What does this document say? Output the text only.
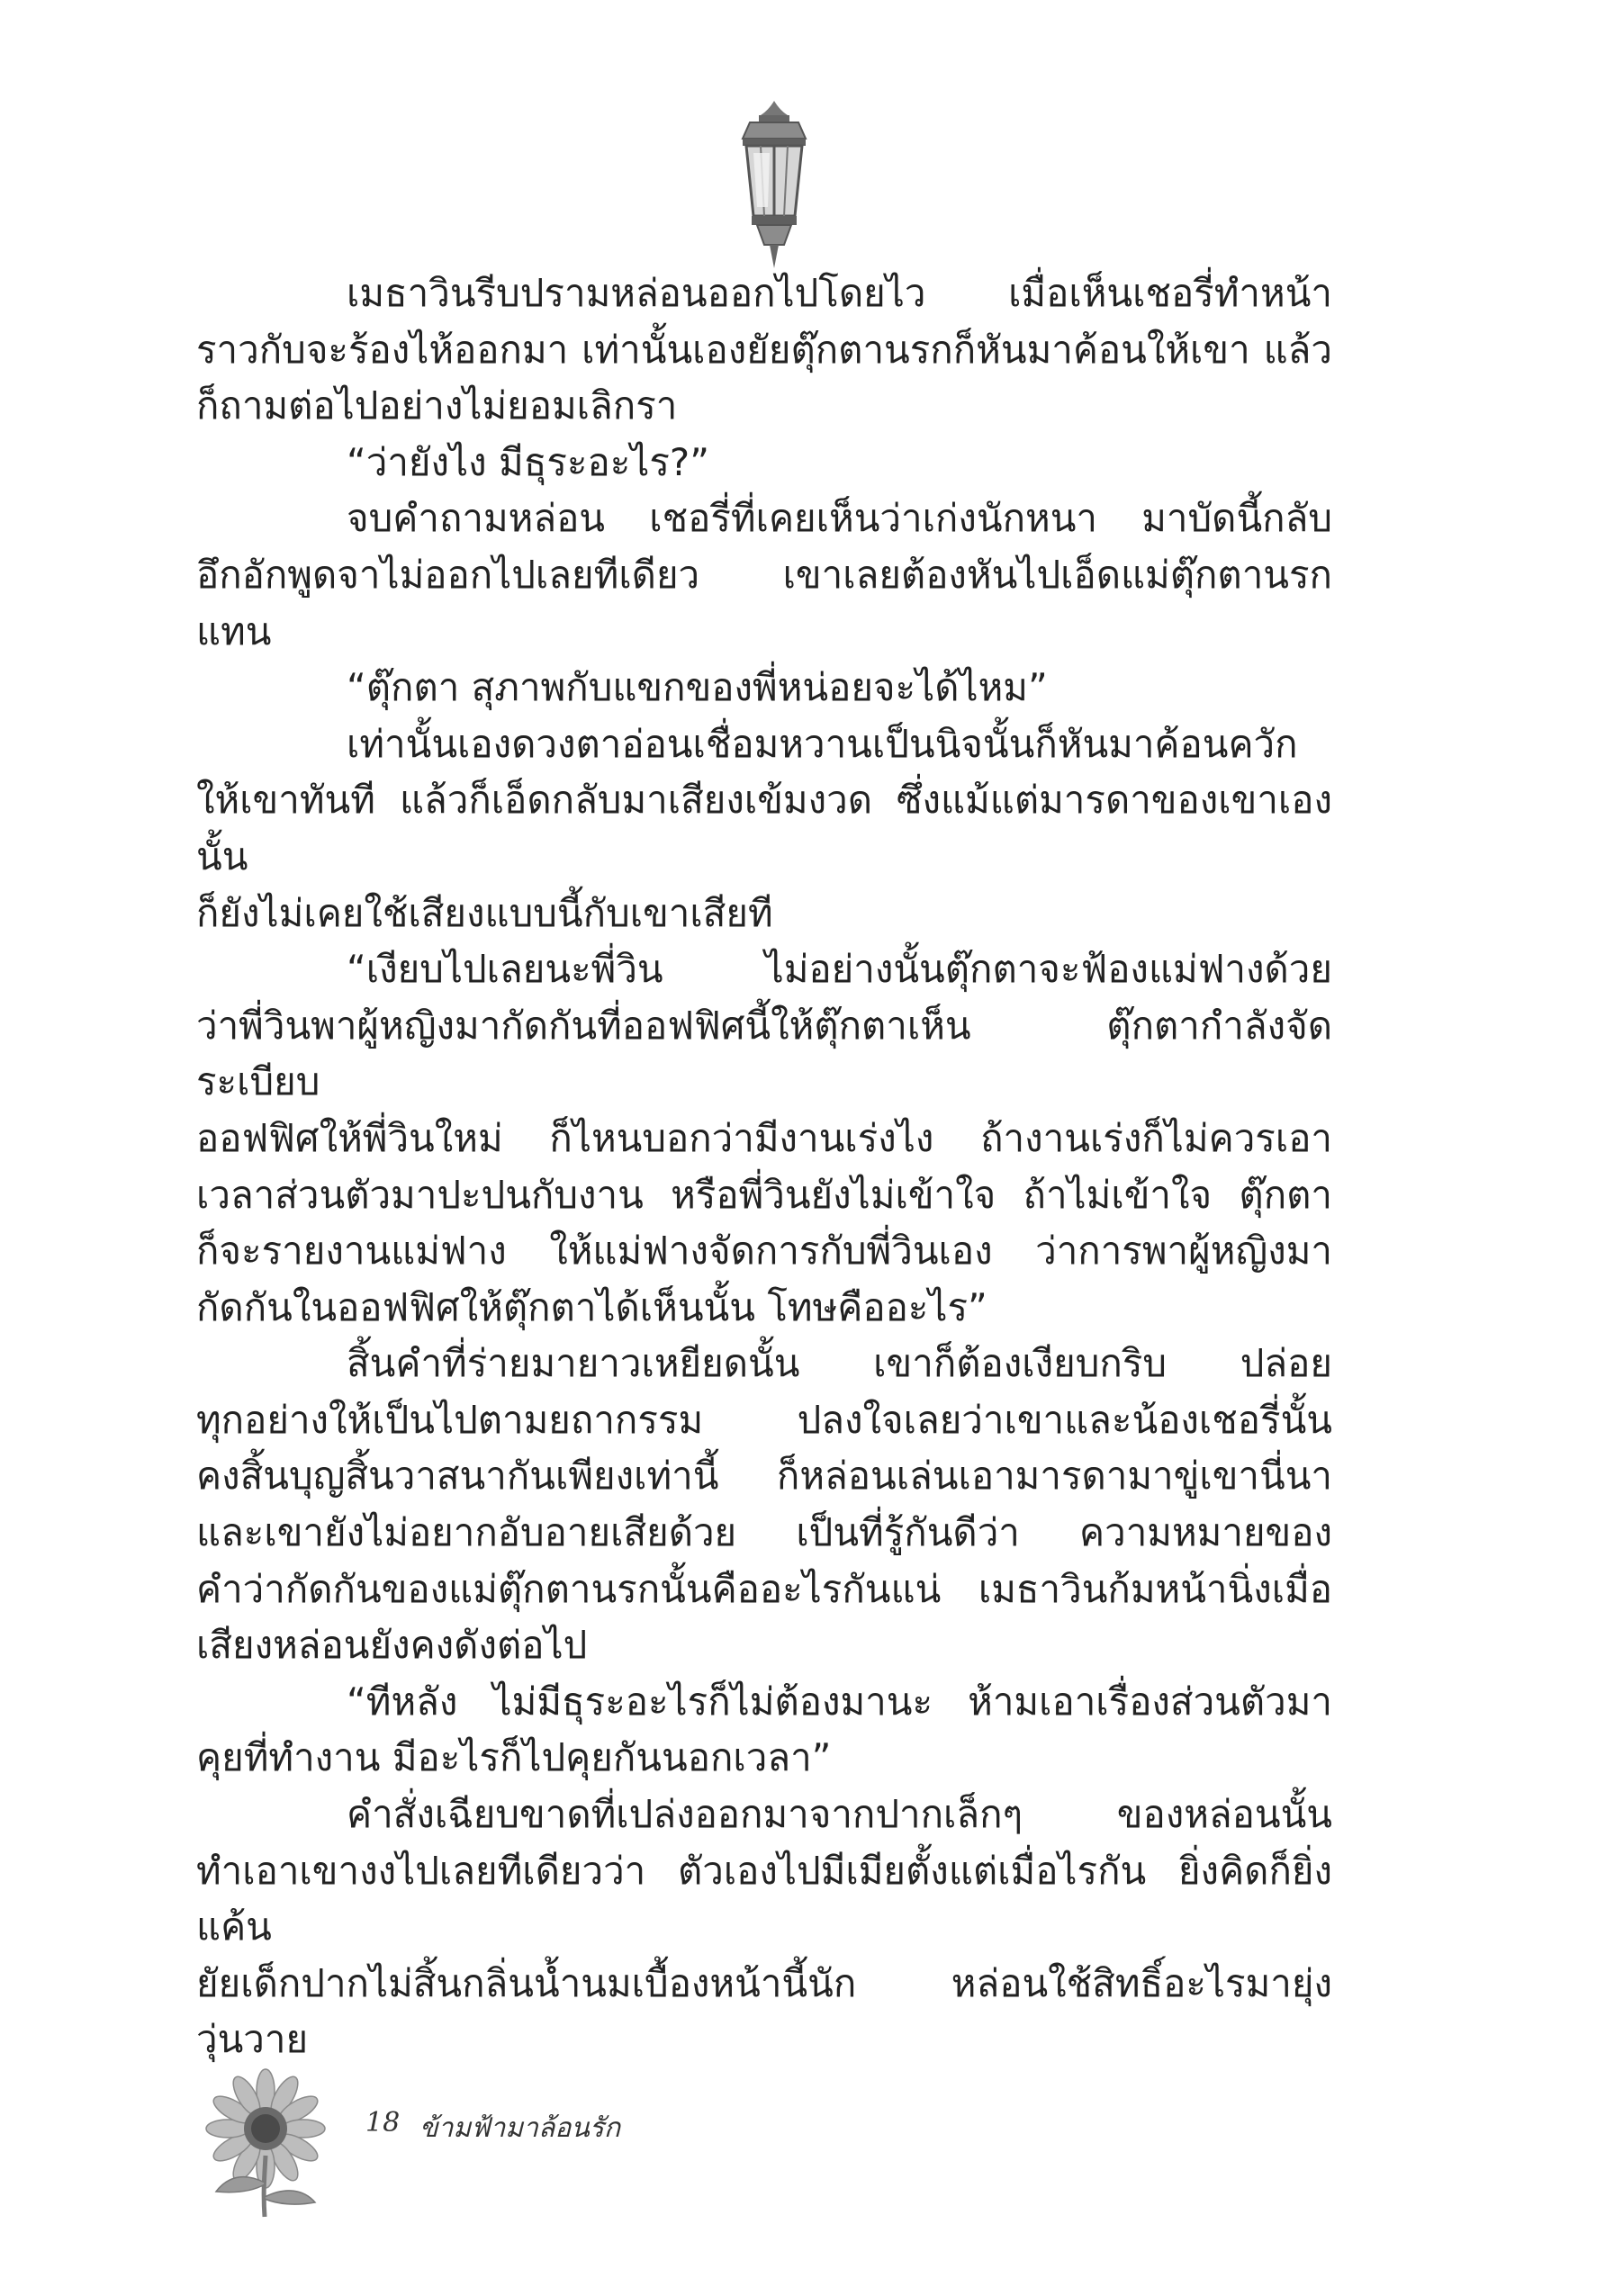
เมธาวินรีบปรามหล่อนออกไปโดยไว เมื่อเห็นเชอรี่ทำหน้า
ราวกับจะร้องไห้ออกมา เท่านั้นเองยัยตุ๊กตานรกก็หันมาค้อนให้เขา แล้ว
ก็ถามต่อไปอย่างไม่ยอมเลิกรา

“ว่ายังไง มีธุระอะไร?”

จบคำถามหล่อน เชอรี่ที่เคยเห็นว่าเก่งนักหนา มาบัดนี้กลับ
อึกอักพูดจาไม่ออกไปเลยทีเดียว เขาเลยต้องหันไปเอ็ดแม่ตุ๊กตานรก
แทน

“ตุ๊กตา สุภาพกับแขกของพี่หน่อยจะได้ไหม”

เท่านั้นเองดวงตาอ่อนเชื่อมหวานเป็นนิจนั้นก็หันมาค้อนควัก
ให้เขาทันที แล้วก็เอ็ดกลับมาเสียงเข้มงวด ซึ่งแม้แต่มารดาของเขาเองนั้น
ก็ยังไม่เคยใช้เสียงแบบนี้กับเขาเสียที

“เงียบไปเลยนะพี่วิน ไม่อย่างนั้นตุ๊กตาจะฟ้องแม่ฟางด้วย
ว่าพี่วินพาผู้หญิงมากัดกันที่ออฟฟิศนี้ให้ตุ๊กตาเห็น ตุ๊กตากำลังจัดระเบียบ
ออฟฟิศให้พี่วินใหม่ ก็ไหนบอกว่ามีงานเร่งไง ถ้างานเร่งก็ไม่ควรเอา
เวลาส่วนตัวมาปะปนกับงาน หรือพี่วินยังไม่เข้าใจ ถ้าไม่เข้าใจ ตุ๊กตา
ก็จะรายงานแม่ฟาง ให้แม่ฟางจัดการกับพี่วินเอง ว่าการพาผู้หญิงมา
กัดกันในออฟฟิศให้ตุ๊กตาได้เห็นนั้น โทษคืออะไร”

สิ้นคำที่ร่ายมายาวเหยียดนั้น เขาก็ต้องเงียบกริบ ปล่อย
ทุกอย่างให้เป็นไปตามยถากรรม ปลงใจเลยว่าเขาและน้องเชอรี่นั้น
คงสิ้นบุญสิ้นวาสนากันเพียงเท่านี้ ก็หล่อนเล่นเอามารดามาขู่เขานี่นา
และเขายังไม่อยากอับอายเสียด้วย เป็นที่รู้กันดีว่า ความหมายของ
คำว่ากัดกันของแม่ตุ๊กตานรกนั้นคืออะไรกันแน่ เมธาวินก้มหน้านิ่งเมื่อ
เสียงหล่อนยังคงดังต่อไป

“ทีหลัง ไม่มีธุระอะไรก็ไม่ต้องมานะ ห้ามเอาเรื่องส่วนตัวมา
คุยที่ทำงาน มีอะไรก็ไปคุยกันนอกเวลา”

คำสั่งเฉียบขาดที่เปล่งออกมาจากปากเล็กๆ ของหล่อนนั้น
ทำเอาเขางงไปเลยทีเดียวว่า ตัวเองไปมีเมียตั้งแต่เมื่อไรกัน ยิ่งคิดก็ยิ่งแค้น
ยัยเด็กปากไม่สิ้นกลิ่นน้ำนมเบื้องหน้านี้นัก หล่อนใช้สิทธิ์อะไรมายุ่งวุ่นวาย

18 ข้ามฟ้ามาล้อนรัก
